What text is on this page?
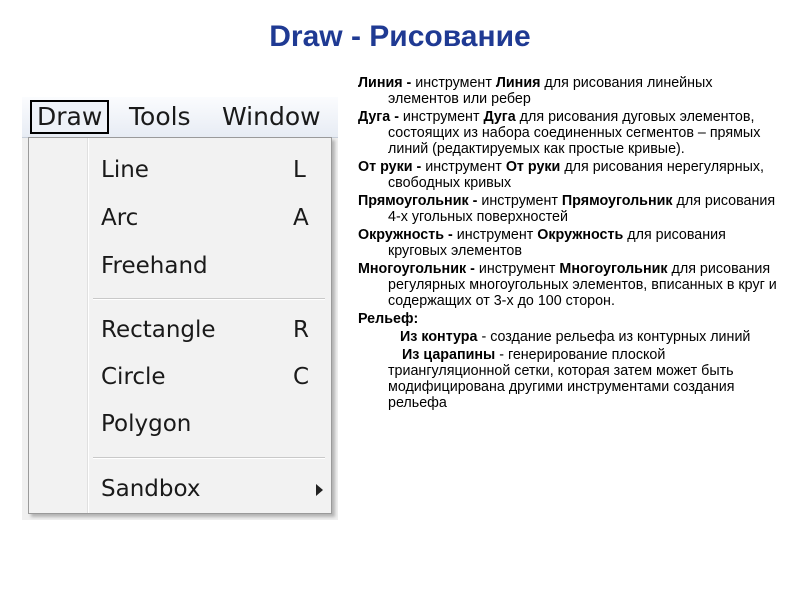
Draw - Рисование
Draw Tools Window
Line	L
Arc	A
Freehand
Rectangle	R
Circle	C
Polygon
Sandbox

Линия - инструмент Линия для рисования линейных элементов или ребер

Дуга - инструмент Дуга для рисования дуговых элементов, состоящих из набора соединенных сегментов – прямых линий (редактируемых как простые кривые).

От руки - инструмент От руки для рисования нерегулярных, свободных кривых

Прямоугольник - инструмент Прямоугольник для рисования 4-х угольных поверхностей

Окружность - инструмент Окружность для рисования круговых элементов

Многоугольник - инструмент Многоугольник для рисования регулярных многоугольных элементов, вписанных в круг и содержащих от 3-х до 100 сторон.

Рельеф:

Из контура - создание рельефа из контурных линий

Из царапины - генерирование плоской триангуляционной сетки, которая затем может быть модифицирована другими инструментами создания рельефа
